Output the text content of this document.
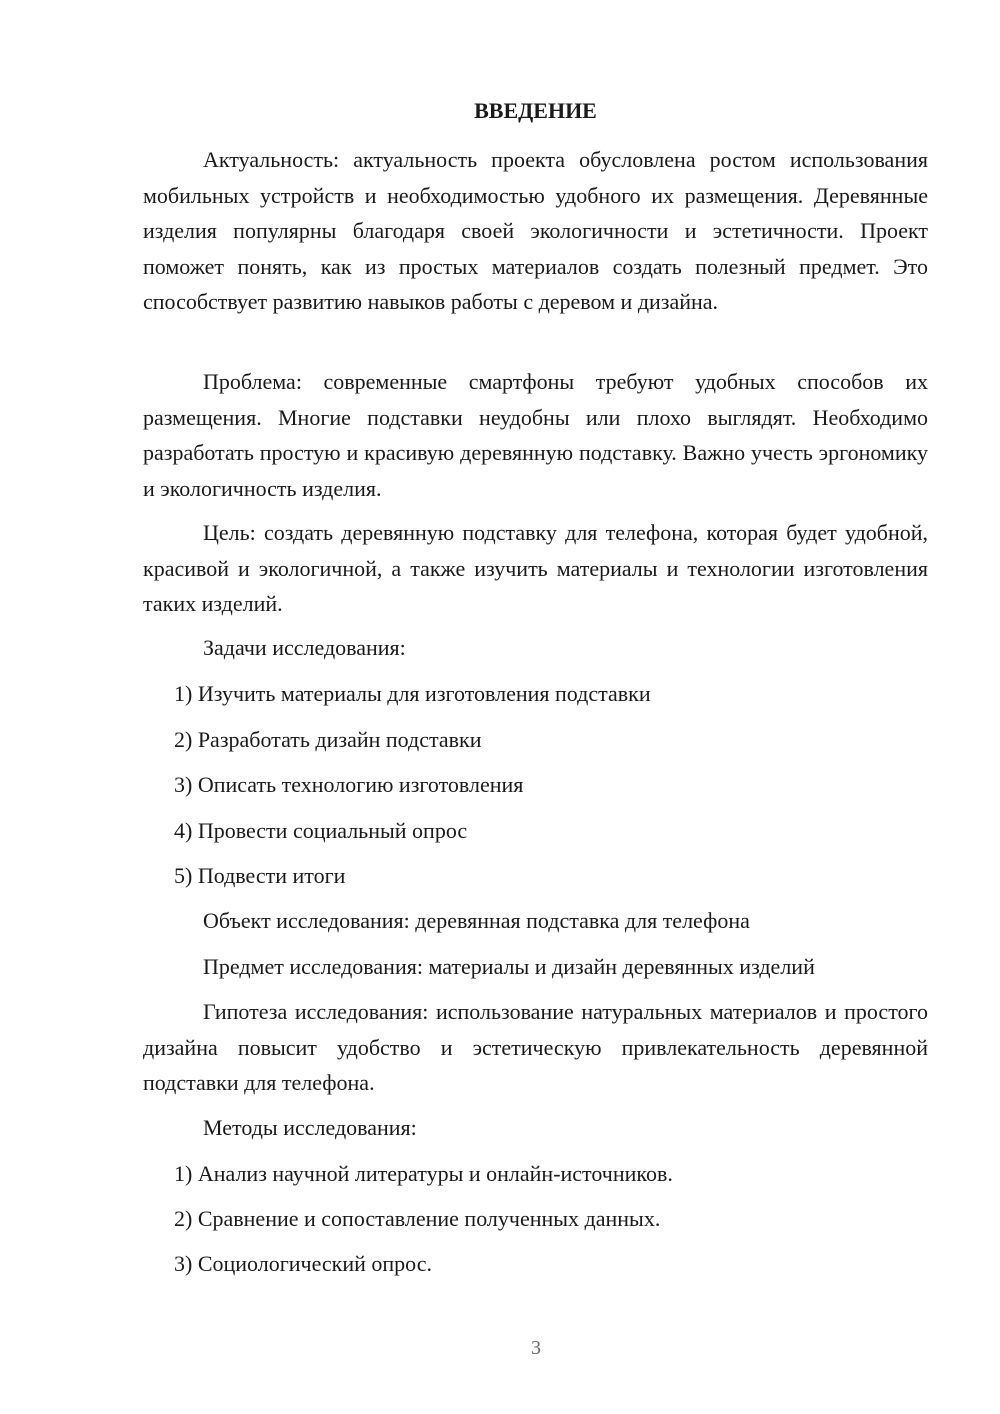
ВВЕДЕНИЕ

Актуальность: актуальность проекта обусловлена ростом использования мобильных устройств и необходимостью удобного их размещения. Деревянные изделия популярны благодаря своей экологичности и эстетичности. Проект поможет понять, как из простых материалов создать полезный предмет. Это способствует развитию навыков работы с деревом и дизайна.

Проблема: современные смартфоны требуют удобных способов их размещения. Многие подставки неудобны или плохо выглядят. Необходимо разработать простую и красивую деревянную подставку. Важно учесть эргономику и экологичность изделия.

Цель: создать деревянную подставку для телефона, которая будет удобной, красивой и экологичной, а также изучить материалы и технологии изготовления таких изделий.

Задачи исследования:

1) Изучить материалы для изготовления подставки

2) Разработать дизайн подставки

3) Описать технологию изготовления

4) Провести социальный опрос

5) Подвести итоги

Объект исследования: деревянная подставка для телефона

Предмет исследования: материалы и дизайн деревянных изделий

Гипотеза исследования: использование натуральных материалов и простого дизайна повысит удобство и эстетическую привлекательность деревянной подставки для телефона.

Методы исследования:

1) Анализ научной литературы и онлайн-источников.

2) Сравнение и сопоставление полученных данных.

3) Социологический опрос.

3
